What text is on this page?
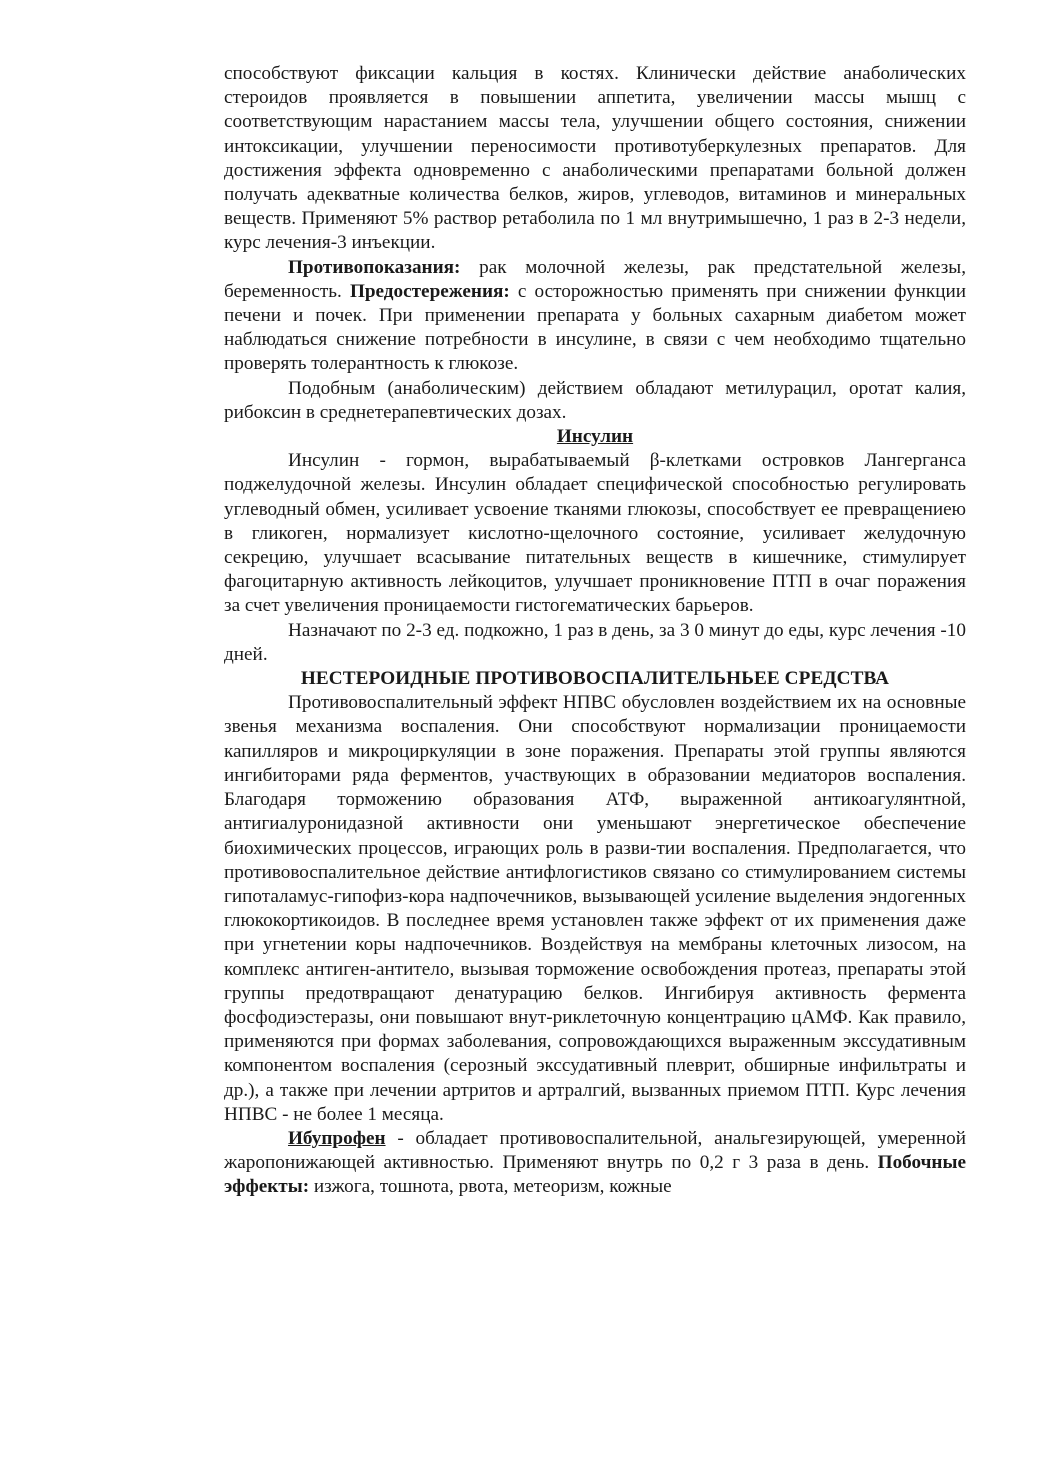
способствуют фиксации кальция в костях. Клинически действие анаболических стероидов проявляется в повышении аппетита, увеличении массы мышц с соответствующим нарастанием массы тела, улучшении общего состояния, снижении интоксикации, улучшении переносимости противотуберкулезных препаратов. Для достижения эффекта одновременно с анаболическими препаратами больной должен получать адекватные количества белков, жиров, углеводов, витаминов и минеральных веществ. Применяют 5% раствор ретаболила по 1 мл внутримышечно, 1 раз в 2-3 недели, курс лечения-3 инъекции.

Противопоказания: рак молочной железы, рак предстательной железы, беременность. Предостережения: с осторожностью применять при снижении функции печени и почек. При применении препарата у больных сахарным диабетом может наблюдаться снижение потребности в инсулине, в связи с чем необходимо тщательно проверять толерантность к глюкозе.

Подобным (анаболическим) действием обладают метилурацил, оротат калия, рибоксин в среднетерапевтических дозах.

Инсулин

Инсулин - гормон, вырабатываемый β-клетками островков Лангерганса поджелудочной железы. Инсулин обладает специфической способностью регулировать углеводный обмен, усиливает усвоение тканями глюкозы, способствует ее превращениею в гликоген, нормализует кислотно-щелочного состояние, усиливает желудочную секрецию, улучшает всасывание питательных веществ в кишечнике, стимулирует фагоцитарную активность лейкоцитов, улучшает проникновение ПТП в очаг поражения за счет увеличения проницаемости гистогематических барьеров.

Назначают по 2-3 ед. подкожно, 1 раз в день, за 3 0 минут до еды, курс лечения -10 дней.

НЕСТЕРОИДНЫЕ ПРОТИВОВОСПАЛИТЕЛЬНЬЕЕ СРЕДСТВА

Противовоспалительный эффект НПВС обусловлен воздействием их на основные звенья механизма воспаления. Они способствуют нормализации проницаемости капилляров и микроциркуляции в зоне поражения. Препараты этой группы являются ингибиторами ряда ферментов, участвующих в образовании медиаторов воспаления. Благодаря торможению образования АТФ, выраженной антикоагулянтной, антигиалуронидазной активности они уменьшают энергетическое обеспечение биохимических процессов, играющих роль в разви-тии воспаления. Предполагается, что противовоспалительное действие антифлогистиков связано со стимулированием системы гипоталамус-гипофиз-кора надпочечников, вызывающей усиление выделения эндогенных глюкокортикоидов. В последнее время установлен также эффект от их применения даже при угнетении коры надпочечников. Воздействуя на мембраны клеточных лизосом, на комплекс антиген-антитело, вызывая торможение освобождения протеаз, препараты этой группы предотвращают денатурацию белков. Ингибируя активность фермента фосфодиэстеразы, они повышают внут-риклеточную концентрацию цАМФ. Как правило, применяются при формах заболевания, сопровождающихся выраженным экссудативным компонентом воспаления (серозный экссудативный плеврит, обширные инфильтраты и др.), а также при лечении артритов и артралгий, вызванных приемом ПТП. Курс лечения НПВС - не более 1 месяца.

Ибупрофен - обладает противовоспалительной, анальгезирующей, умеренной жаропонижающей активностью. Применяют внутрь по 0,2 г 3 раза в день. Побочные эффекты: изжога, тошнота, рвота, метеоризм, кожные
